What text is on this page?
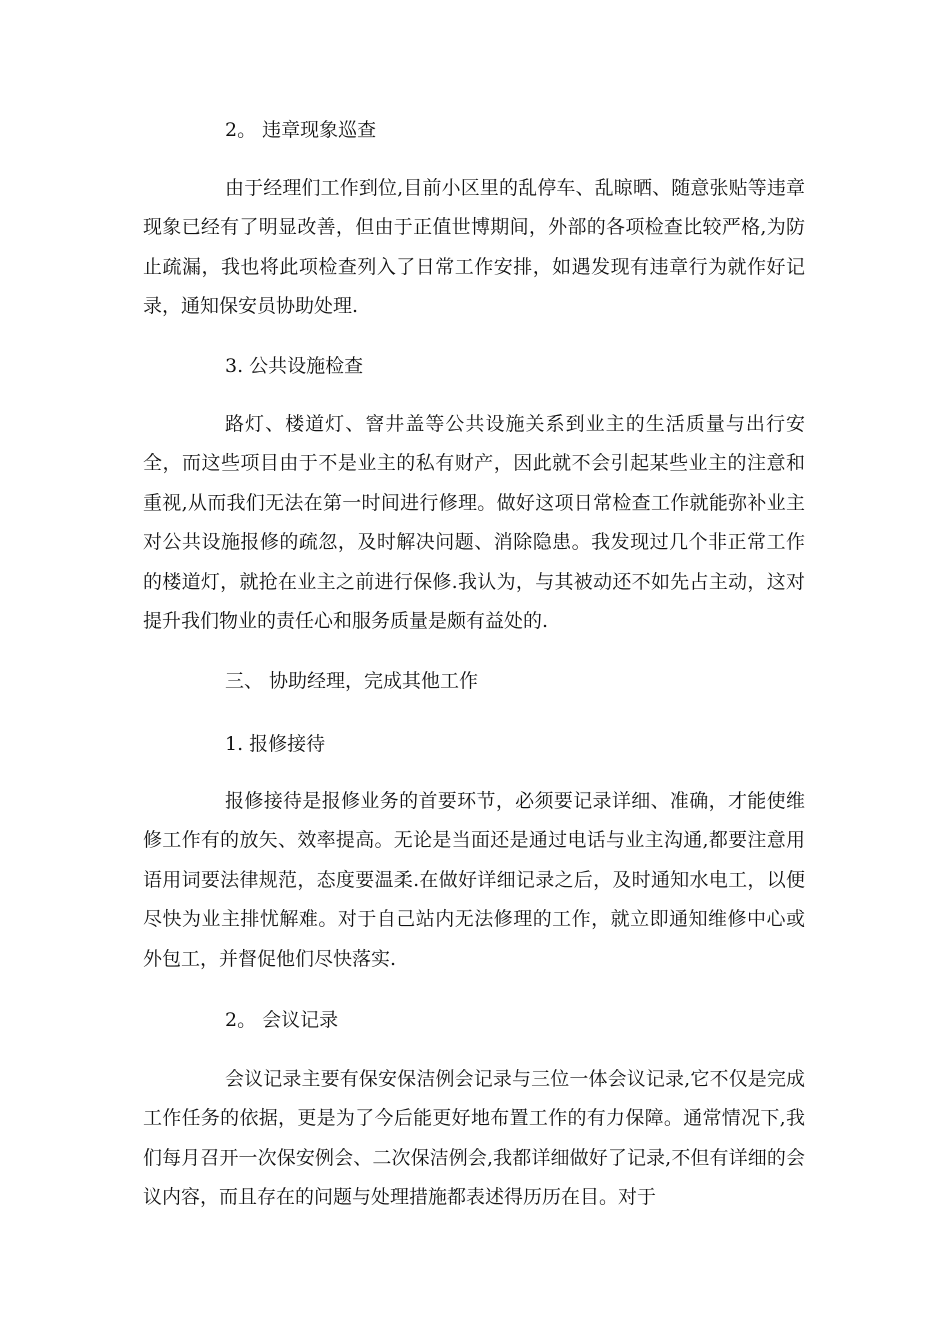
2。 违章现象巡查

由于经理们工作到位,目前小区里的乱停车、乱晾晒、随意张贴等违章现象已经有了明显改善，但由于正值世博期间，外部的各项检查比较严格,为防止疏漏，我也将此项检查列入了日常工作安排，如遇发现有违章行为就作好记录，通知保安员协助处理.

3. 公共设施检查

路灯、楼道灯、窨井盖等公共设施关系到业主的生活质量与出行安全，而这些项目由于不是业主的私有财产，因此就不会引起某些业主的注意和重视,从而我们无法在第一时间进行修理。做好这项日常检查工作就能弥补业主对公共设施报修的疏忽，及时解决问题、消除隐患。我发现过几个非正常工作的楼道灯，就抢在业主之前进行保修.我认为，与其被动还不如先占主动，这对提升我们物业的责任心和服务质量是颇有益处的.

三、 协助经理，完成其他工作
1. 报修接待

报修接待是报修业务的首要环节，必须要记录详细、准确，才能使维修工作有的放矢、效率提高。无论是当面还是通过电话与业主沟通,都要注意用语用词要法律规范，态度要温柔.在做好详细记录之后，及时通知水电工，以便尽快为业主排忧解难。对于自己站内无法修理的工作，就立即通知维修中心或外包工，并督促他们尽快落实.

2。 会议记录

会议记录主要有保安保洁例会记录与三位一体会议记录,它不仅是完成工作任务的依据，更是为了今后能更好地布置工作的有力保障。通常情况下,我们每月召开一次保安例会、二次保洁例会,我都详细做好了记录,不但有详细的会议内容，而且存在的问题与处理措施都表述得历历在目。对于
